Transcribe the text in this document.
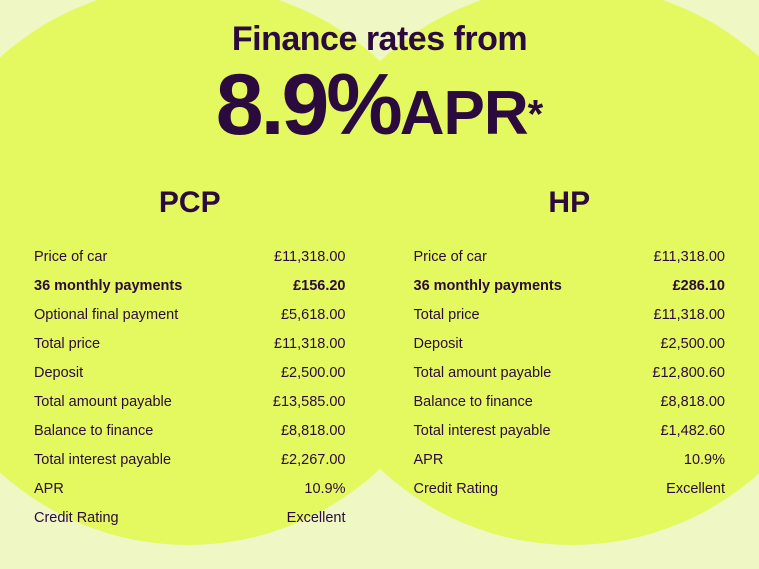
Finance rates from
8.9%APR*
PCP
Price of car	£11,318.00
36 monthly payments	£156.20
Optional final payment	£5,618.00
Total price	£11,318.00
Deposit	£2,500.00
Total amount payable	£13,585.00
Balance to finance	£8,818.00
Total interest payable	£2,267.00
APR	10.9%
Credit Rating	Excellent
HP
Price of car	£11,318.00
36 monthly payments	£286.10
Total price	£11,318.00
Deposit	£2,500.00
Total amount payable	£12,800.60
Balance to finance	£8,818.00
Total interest payable	£1,482.60
APR	10.9%
Credit Rating	Excellent
